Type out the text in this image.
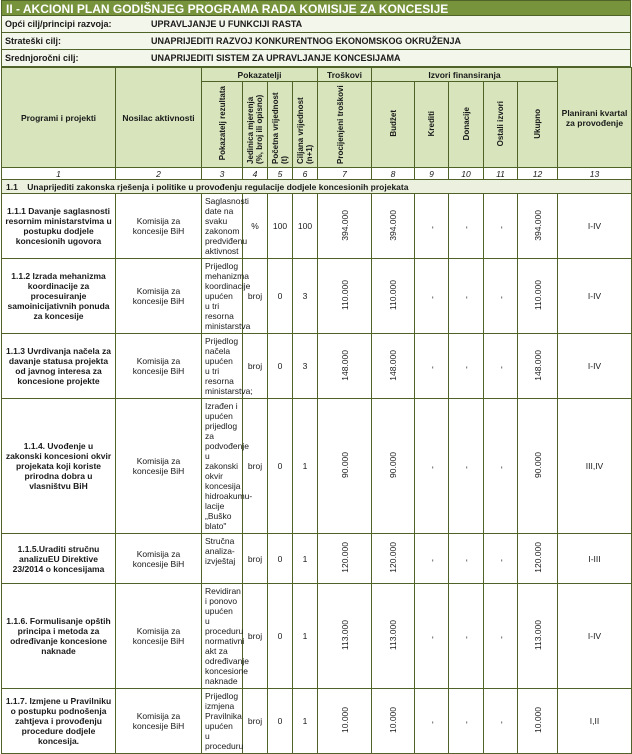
II - AKCIONI PLAN GODIŠNJEG PROGRAMA RADA KOMISIJE ZA KONCESIJE
Opći cilj/principi razvoja:	UPRAVLJANJE U FUNKCIJI RASTA
Strateški cilj:	UNAPRIJEDITI RAZVOJ KONKURENTNOG EKONOMSKOG OKRUŽENJA
Srednjoročni cilj:	UNAPRIJEDITI SISTEM ZA UPRAVLJANJE KONCESIJAMA
Programi i projekti	Nosilac aktivnosti	Pokazatelji				Troškovi	Izvori finansiranja					Planirani kvartal za provođenje
		Pokazatelj rezultata	Jedinica mjerenja (%, broj ili opisno)	Početna vrijednost (t)	Ciljana vrijednost (n+1)	Procijenjeni troškovi	Budžet	Krediti	Donacije	Ostali izvori	Ukupno	
1	2	3	4	5	6	7	8	9	10	11	12	13
1.1 Unaprijediti zakonska rješenja i politike u provođenju regulacije dodjele koncesionih projekata												
1.1.1 Davanje saglasnosti resornim ministarstvima u postupku dodjele koncesionih ugovora	Komisija za koncesije BiH	Saglasnosti date na svaku zakonom predviđenu aktivnost	%	100	100	394.000	394.000	-	-	-	394.000	I-IV
1.1.2 Izrada mehanizma koordinacije za procesuiranje samoinicijativnih ponuda za koncesije	Komisija za koncesije BiH	Prijedlog mehanizma koordinacije upućen u tri resorna ministarstva	broj	0	3	110.000	110.000	-	-	-	110.000	I-IV
1.1.3 Uvrdivanja načela za davanje statusa projekta od javnog interesa za koncesione projekte	Komisija za koncesije BiH	Prijedlog načela upućen u tri resorna ministarstva;	broj	0	3	148.000	148.000	-	-	-	148.000	I-IV
1.1.4. Uvođenje u zakonski koncesioni okvir projekata koji koriste prirodna dobra u vlasništvu BiH	Komisija za koncesije BiH	Izrađen i upućen prijedlog za podvođenje u zakonski okvir koncesija hidroakumu-lacije „Buško blato"	broj	0	1	90.000	90.000	-	-	-	90.000	III,IV
1.1.5.Uraditi stručnu analizuEU Direktive 23/2014 o koncesijama	Komisija za koncesije BiH	Stručna analiza-izvještaj	broj	0	1	120.000	120.000	-	-	-	120.000	I-III
1.1.6. Formulisanje opštih principa i metoda za određivanje koncesione naknade	Komisija za koncesije BiH	Revidiran i ponovo upućen u proceduru normativni akt za određivanje koncesione naknade	broj	0	1	113.000	113.000	-	-	-	113.000	I-IV
1.1.7. Izmjene u Pravilniku o postupku podnošenja zahtjeva i provođenju procedure dodjele koncesija.	Komisija za koncesije BiH	Prijedlog izmjena Pravilnika upućen u proceduru	broj	0	1	10.000	10.000	-	-	-	10.000	I,II
